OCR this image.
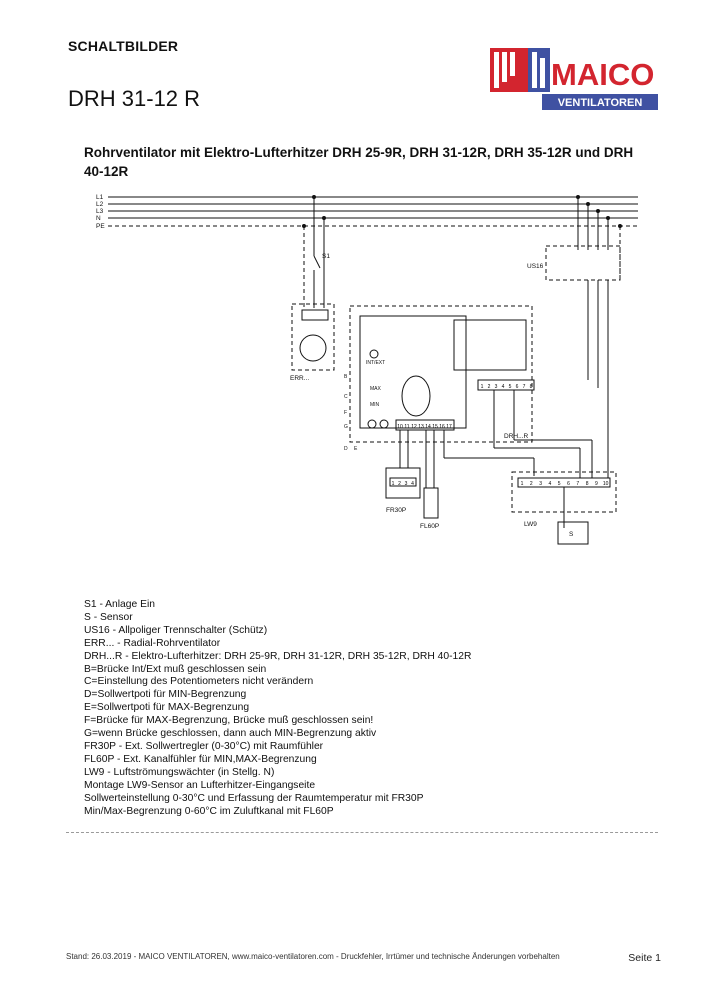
SCHALTBILDER
DRH 31-12 R
MAICO
VENTILATOREN
Rohrventilator mit Elektro-Lufterhitzer DRH 25-9R, DRH 31-12R, DRH 35-12R und DRH 40-12R
L1
L2
L3
N
PE
S1
US16
ERR...
DRH...R
FR30P
FL60P	LW9
S
MAX
MIN
INT/EXT
B
C
D E
F
G
1 2 3 4 5 6 7 8
10 11 12 13 14 15 16 17
1 2 3 4	1 2 3 4 5 6 7 8 9 10
S1 - Anlage Ein
S - Sensor
US16 - Allpoliger Trennschalter (Schütz)
ERR... - Radial-Rohrventilator
DRH...R - Elektro-Lufterhitzer: DRH 25-9R, DRH 31-12R, DRH 35-12R, DRH 40-12R
B=Brücke Int/Ext muß geschlossen sein
C=Einstellung des Potentiometers nicht verändern
D=Sollwertpoti für MIN-Begrenzung
E=Sollwertpoti für MAX-Begrenzung
F=Brücke für MAX-Begrenzung, Brücke muß geschlossen sein!
G=wenn Brücke geschlossen, dann auch MIN-Begrenzung aktiv
FR30P - Ext. Sollwertregler (0-30°C) mit Raumfühler
FL60P - Ext. Kanalfühler für MIN,MAX-Begrenzung
LW9 - Luftströmungswächter (in Stellg. N)
Montage LW9-Sensor an Lufterhitzer-Eingangseite
Sollwerteinstellung 0-30°C und Erfassung der Raumtemperatur mit FR30P
Min/Max-Begrenzung 0-60°C im Zuluftkanal mit FL60P
Stand: 26.03.2019 - MAICO VENTILATOREN, www.maico-ventilatoren.com - Druckfehler, Irrtümer und technische Änderungen vorbehalten	Seite 1
